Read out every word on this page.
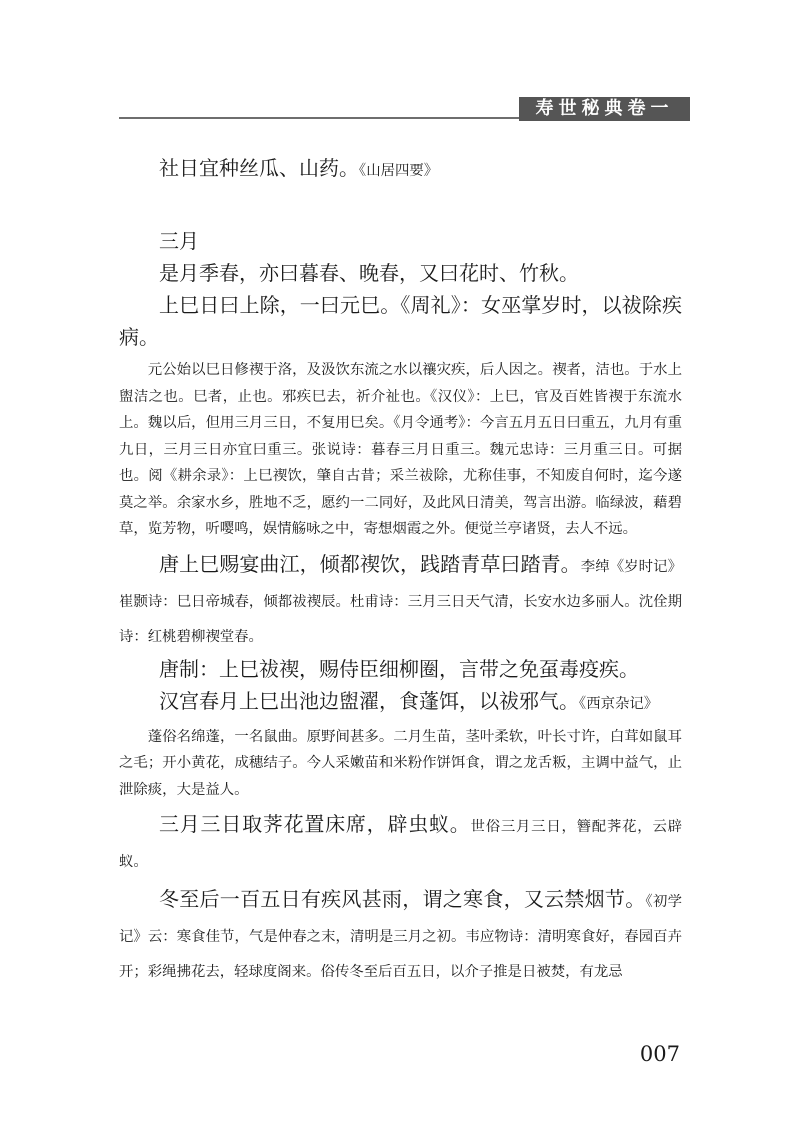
寿世秘典卷一

社日宜种丝瓜、山药。《山居四要》

三月

是月季春，亦曰暮春、晚春，又曰花时、竹秋。

上巳日曰上除，一曰元巳。《周礼》：女巫掌岁时，以祓除疾病。

元公始以巳日修禊于洛，及汲饮东流之水以禳灾疾，后人因之。禊者，洁也。于水上盥洁之也。巳者，止也。邪疾巳去，祈介祉也。《汉仪》：上巳，官及百姓皆禊于东流水上。魏以后，但用三月三日，不复用巳矣。《月令通考》：今言五月五日曰重五，九月有重九日，三月三日亦宜曰重三。张说诗：暮春三月日重三。魏元忠诗：三月重三日。可据也。阅《耕余录》：上巳禊饮，肇自古昔；采兰祓除，尤称佳事，不知废自何时，迄今遂莫之举。余家水乡，胜地不乏，愿约一二同好，及此风日清美，驾言出游。临绿波，藉碧草，览芳物，听嘤鸣，娱情觞咏之中，寄想烟霞之外。便觉兰亭诸贤，去人不远。

唐上巳赐宴曲江，倾都禊饮，践踏青草曰踏青。李绰《岁时记》 崔颢诗：巳日帝城春，倾都祓禊辰。杜甫诗：三月三日天气清，长安水边多丽人。沈佺期诗：红桃碧柳禊堂春。

唐制：上巳祓禊，赐侍臣细柳圈，言带之免虿毒疫疾。

汉宫春月上巳出池边盥濯，食蓬饵，以祓邪气。《西京杂记》

蓬俗名绵蓬，一名鼠曲。原野间甚多。二月生苗，茎叶柔软，叶长寸许，白茸如鼠耳之毛；开小黄花，成穗结子。今人采嫩苗和米粉作饼饵食，谓之龙舌粄，主调中益气，止泄除痰，大是益人。

三月三日取荠花置床席，辟虫蚁。世俗三月三日，簪配荠花，云辟蚁。

冬至后一百五日有疾风甚雨，谓之寒食，又云禁烟节。《初学记》云：寒食佳节，气是仲春之末，清明是三月之初。韦应物诗：清明寒食好，春园百卉开；彩绳拂花去，轻球度阁来。俗传冬至后百五日，以介子推是日被焚，有龙忌

007
